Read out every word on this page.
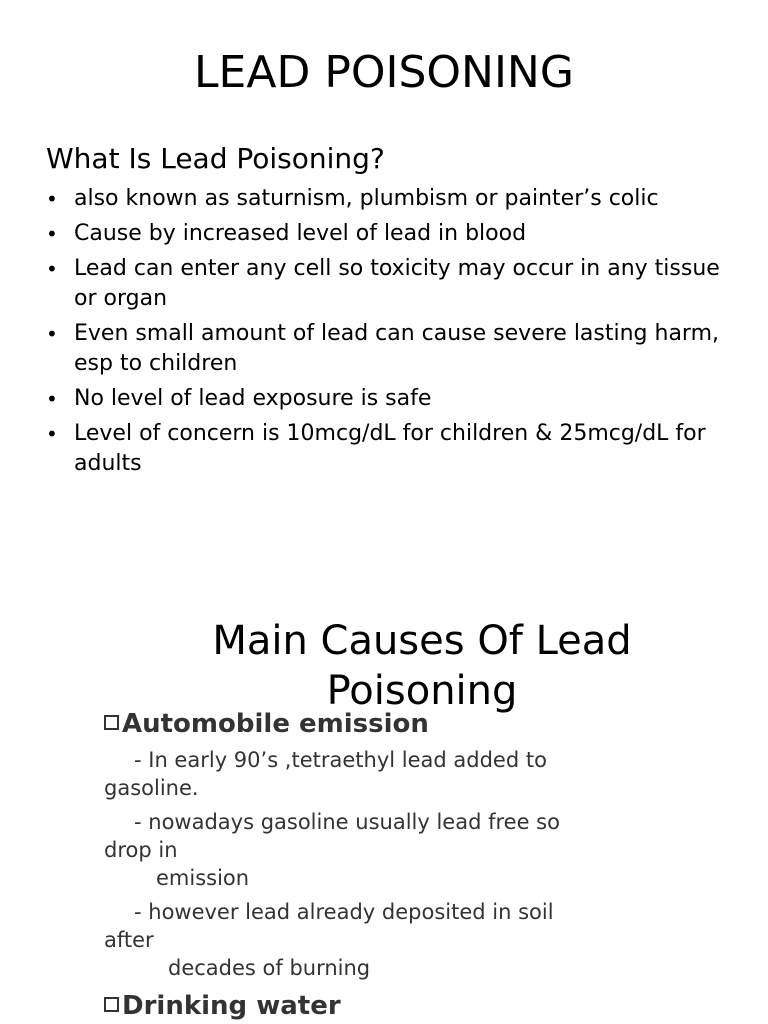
LEAD POISONING
What Is Lead Poisoning?
• also known as saturnism, plumbism or painter’s colic
• Cause by increased level of lead in blood
• Lead can enter any cell so toxicity may occur in any tissue or organ
• Even small amount of lead can cause severe lasting harm, esp to children
• No level of lead exposure is safe
• Level of concern is 10mcg/dL for children & 25mcg/dL for adults
Main Causes Of Lead Poisoning

Automobile emission

- In early 90’s ,tetraethyl lead added to
gasoline.

- nowadays gasoline usually lead free so
drop in
emission

- however lead already deposited in soil
after
decades of burning

Drinking water
